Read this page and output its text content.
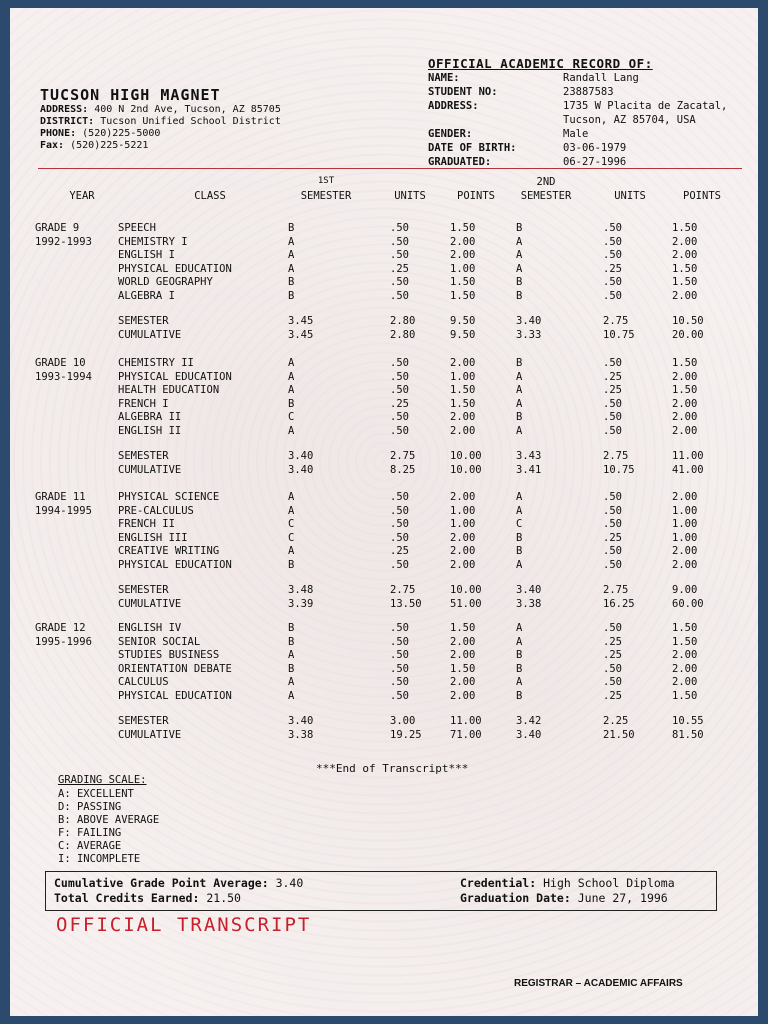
TUCSON HIGH MAGNET
ADDRESS: 400 N 2nd Ave, Tucson, AZ 85705
DISTRICT: Tucson Unified School District
PHONE: (520)225-5000
Fax: (520)225-5221
OFFICIAL ACADEMIC RECORD OF:
NAME:	Randall Lang
STUDENT NO:	23887583
ADDRESS:	1735 W Placita de Zacatal,
Tucson, AZ 85704, USA
GENDER:	Male
DATE OF BIRTH:	03-06-1979
GRADUATED:	06-27-1996
YEAR	CLASS
1ST
SEMESTER	UNITS	POINTS
2ND
SEMESTER	UNITS	POINTS
GRADE 9
1992-1993
SPEECH	B	.50	1.50	B	.50	1.50
CHEMISTRY I	A	.50	2.00	A	.50	2.00
ENGLISH I	A	.50	2.00	A	.50	2.00
PHYSICAL EDUCATION	A	.25	1.00	A	.25	1.50
WORLD GEOGRAPHY	B	.50	1.50	B	.50	1.50
ALGEBRA I	B	.50	1.50	B	.50	2.00
SEMESTER	3.45	2.80	9.50	3.40	2.75	10.50
CUMULATIVE	3.45	2.80	9.50	3.33	10.75	20.00
GRADE 10
1993-1994
CHEMISTRY II	A	.50	2.00	B	.50	1.50
PHYSICAL EDUCATION	A	.50	1.00	A	.25	2.00
HEALTH EDUCATION	A	.50	1.50	A	.25	1.50
FRENCH I	B	.25	1.50	A	.50	2.00
ALGEBRA II	C	.50	2.00	B	.50	2.00
ENGLISH II	A	.50	2.00	A	.50	2.00
SEMESTER	3.40	2.75	10.00	3.43	2.75	11.00
CUMULATIVE	3.40	8.25	10.00	3.41	10.75	41.00
GRADE 11
1994-1995
PHYSICAL SCIENCE	A	.50	2.00	A	.50	2.00
PRE-CALCULUS	A	.50	1.00	A	.50	1.00
FRENCH II	C	.50	1.00	C	.50	1.00
ENGLISH III	C	.50	2.00	B	.25	1.00
CREATIVE WRITING	A	.25	2.00	B	.50	2.00
PHYSICAL EDUCATION	B	.50	2.00	A	.50	2.00
SEMESTER	3.48	2.75	10.00	3.40	2.75	9.00
CUMULATIVE	3.39	13.50	51.00	3.38	16.25	60.00
GRADE 12
1995-1996
ENGLISH IV	B	.50	1.50	A	.50	1.50
SENIOR SOCIAL	B	.50	2.00	A	.25	1.50
STUDIES BUSINESS	A	.50	2.00	B	.25	2.00
ORIENTATION DEBATE	B	.50	1.50	B	.50	2.00
CALCULUS	A	.50	2.00	A	.50	2.00
PHYSICAL EDUCATION	A	.50	2.00	B	.25	1.50
SEMESTER	3.40	3.00	11.00	3.42	2.25	10.55
CUMULATIVE	3.38	19.25	71.00	3.40	21.50	81.50
***End of Transcript***
GRADING SCALE:
A: EXCELLENT
D: PASSING
B: ABOVE AVERAGE
F: FAILING
C: AVERAGE
I: INCOMPLETE
Cumulative Grade Point Average: 3.40
Total Credits Earned: 21.50
Credential: High School Diploma
Graduation Date: June 27, 1996
OFFICIAL TRANSCRIPT
REGISTRAR – ACADEMIC AFFAIRS
